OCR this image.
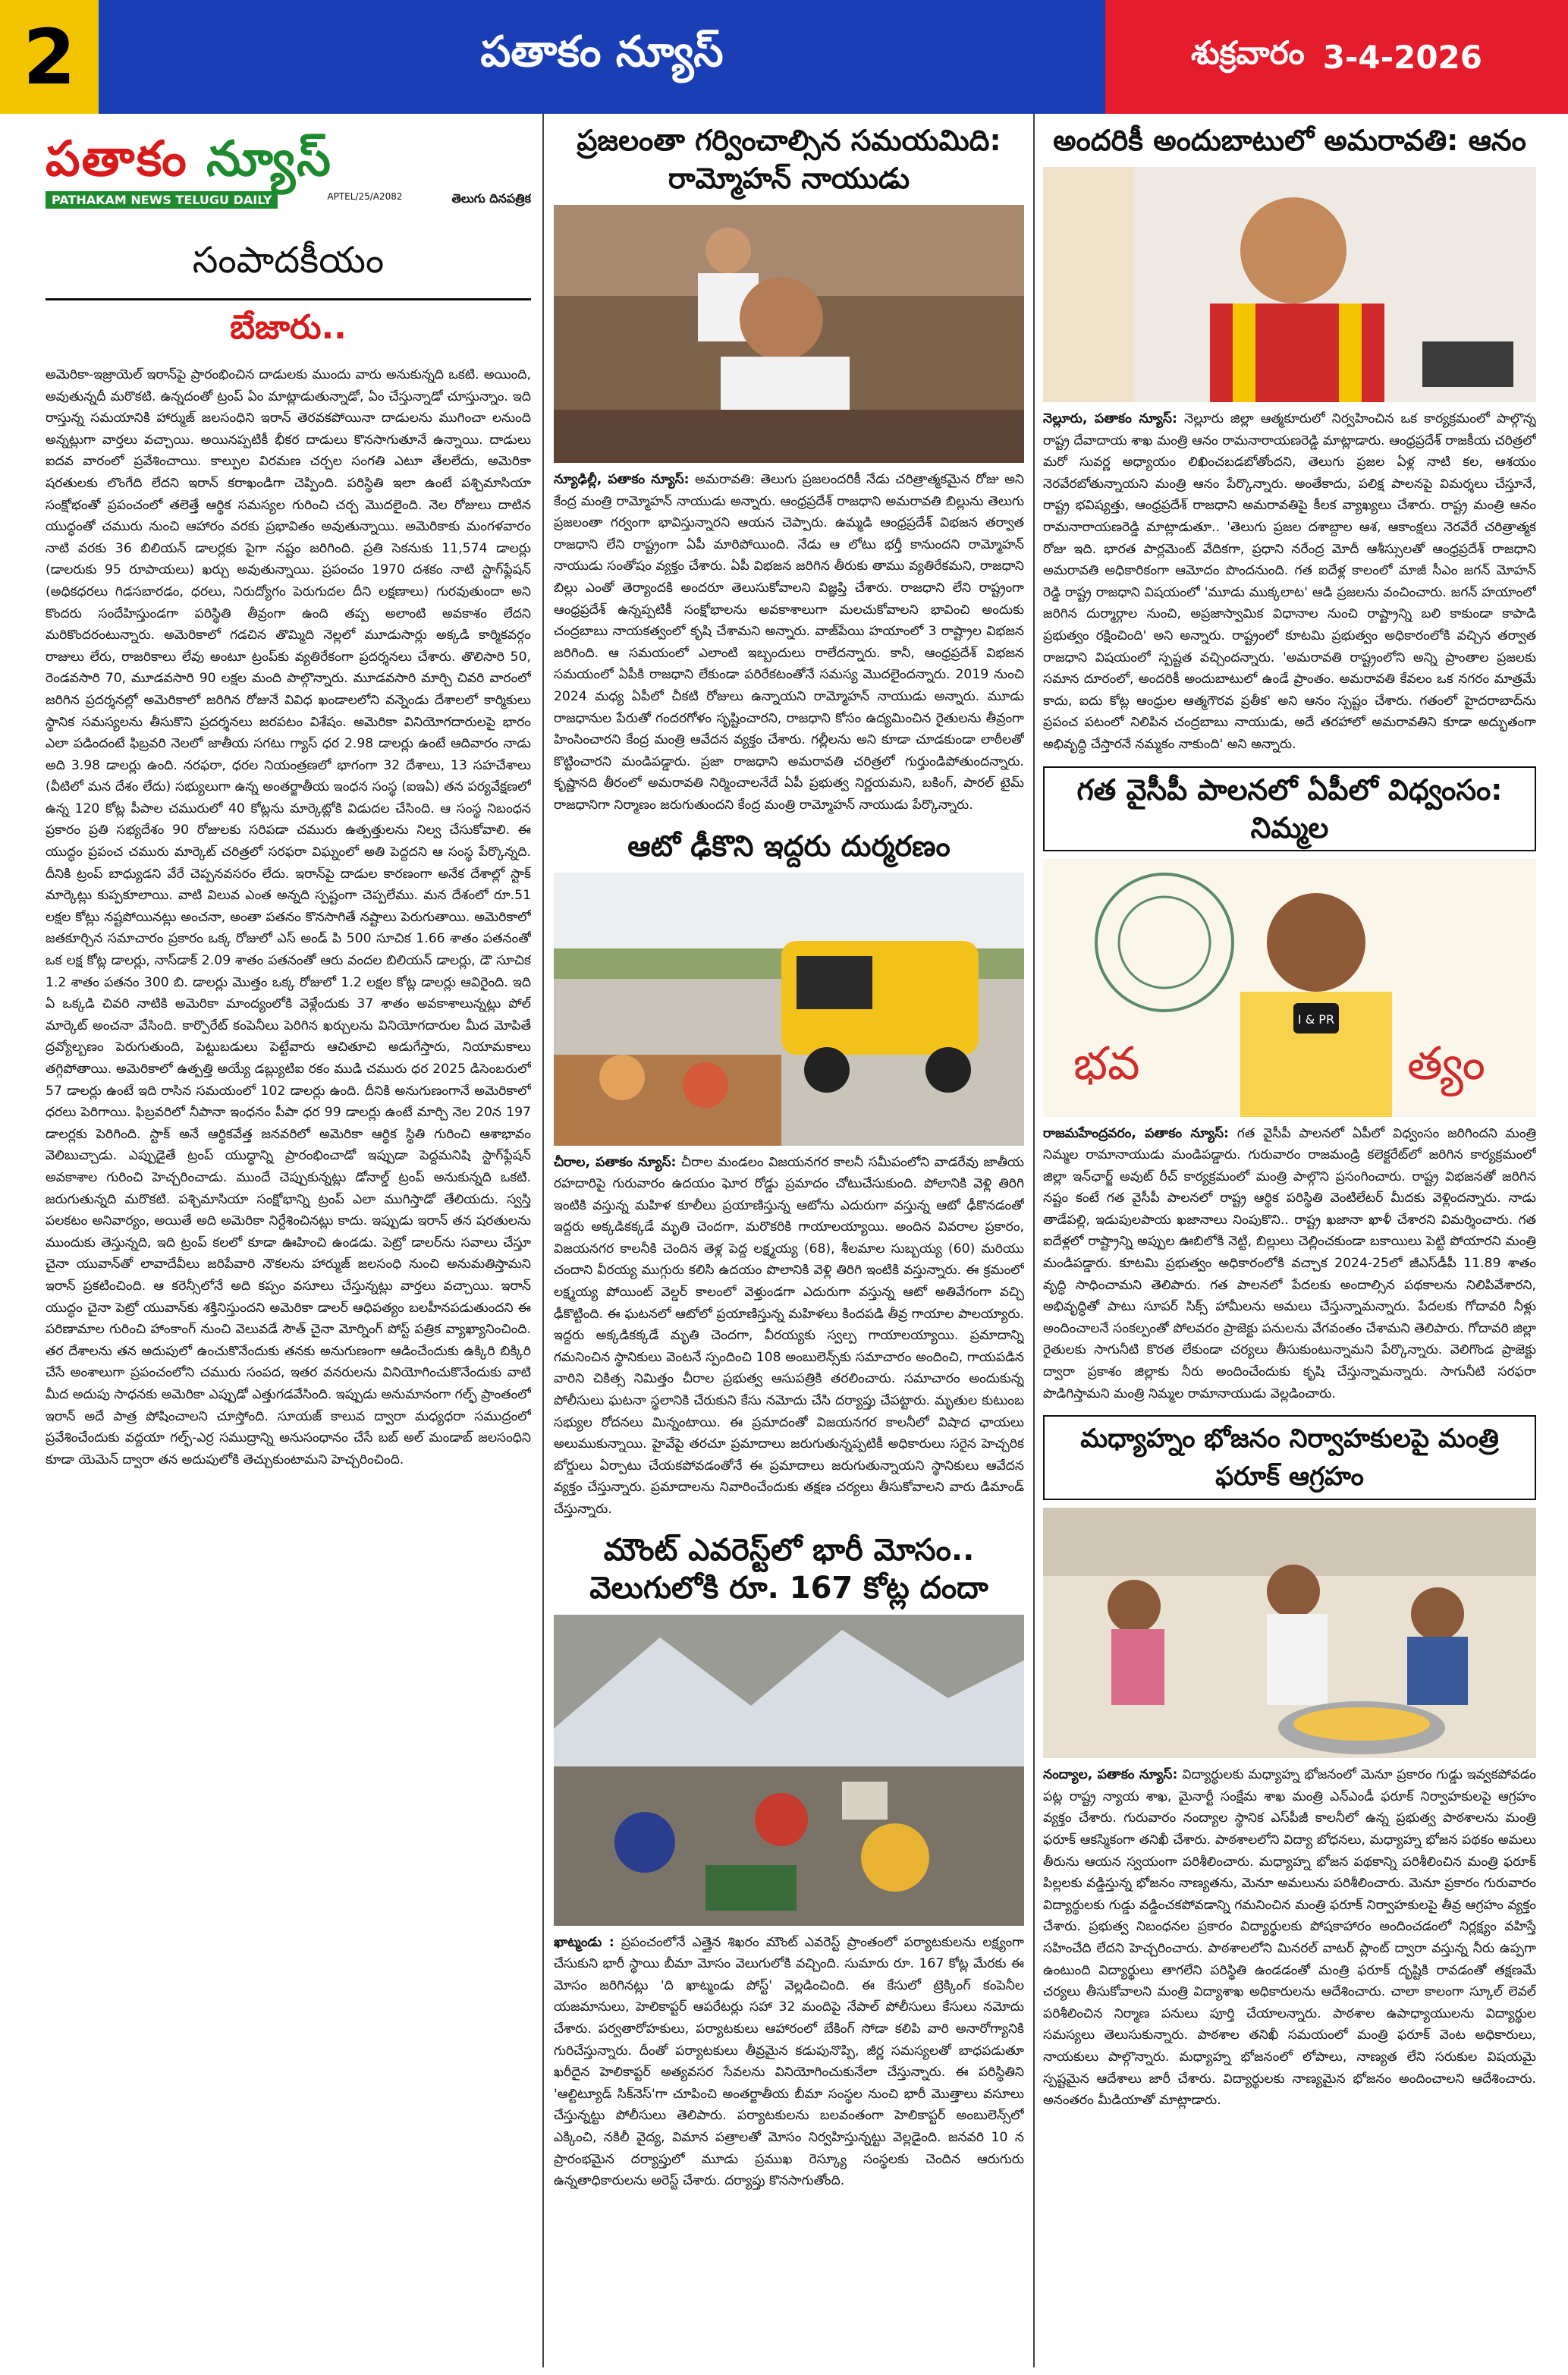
2	పతాకం న్యూస్	శుక్రవారం 3-4-2026
పతాకం న్యూస్
PATHAKAM NEWS TELUGU DAILY	APTEL/25/A2082	తెలుగు దినపత్రిక
సంపాదకీయం
బేజారు..
అమెరికా-ఇజ్రాయెల్ ఇరాన్‌పై ప్రారంభించిన దాడులకు ముందు వారు అనుకున్నది ఒకటి. అయింది, అవుతున్నదీ మరొకటి. ఉన్నదంతో ట్రంప్ ఏం మాట్లాడుతున్నాడో, ఏం చేస్తున్నాడో చూస్తున్నాం. ఇది రాస్తున్న సమయానికి హార్ముజ్ జలసంధిని ఇరాన్ తెరవకపోయినా దాడులను ముగించా లనుంది అన్నట్లుగా వార్తలు వచ్చాయి. అయినప్పటికీ భీకర దాడులు కొనసాగుతూనే ఉన్నాయి. దాడులు ఐదవ వారంలో ప్రవేశించాయి. కాల్పుల విరమణ చర్చల సంగతి ఎటూ తేలలేదు, అమెరికా షరతులకు లొంగేది లేదని ఇరాన్ కరాఖండిగా చెప్పింది. పరిస్థితి ఇలా ఉంటే పశ్చిమాసియా సంక్షోభంతో ప్రపంచంలో తలెత్తే ఆర్థిక సమస్యల గురించి చర్చ మొదలైంది. నెల రోజులు దాటిన యుద్ధంతో చమురు నుంచి ఆహారం వరకు ప్రభావితం అవుతున్నాయి. అమెరికాకు మంగళవారం నాటి వరకు 36 బిలియన్ డాలర్లకు పైగా నష్టం జరిగింది. ప్రతి సెకనుకు 11,574 డాలర్లు (డాలరుకు 95 రూపాయలు) ఖర్చు అవుతున్నాయి. ప్రపంచం 1970 దశకం నాటి స్టాగ్‌ఫ్లేషన్ (అధికధరలు గిడసబారడం, ధరలు, నిరుద్యోగం పెరుగుదల దీని లక్షణాలు) గురవుతుందా అని కొందరు సందేహిస్తుండగా పరిస్థితి తీవ్రంగా ఉంది తప్ప అలాంటి అవకాశం లేదని మరికొందరంటున్నారు. అమెరికాలో గడచిన తొమ్మిది నెల్లలో మూడుసార్లు అక్కడి కార్మికవర్గం రాజులు లేరు, రాజరికాలు లేవు అంటూ ట్రంప్‌కు వ్యతిరేకంగా ప్రదర్శనలు చేశారు. తొలిసారి 50, రెండవసారి 70, మూడవసారి 90 లక్షల మంది పాల్గొన్నారు. మూడవసారి మార్చి చివరి వారంలో జరిగిన ప్రదర్శనల్లో అమెరికాలో జరిగిన రోజునే వివిధ ఖండాలలోని వన్నెండు దేశాలలో కార్మికులు స్థానిక సమస్యలను తీసుకొని ప్రదర్శనలు జరపటం విశేషం. అమెరికా వినియోగదారులపై భారం ఎలా పడిందంటే ఫిబ్రవరి నెలలో జాతీయ సగటు గ్యాస్ ధర 2.98 డాలర్లు ఉంటే ఆదివారం నాడు అది 3.98 డాలర్లు ఉంది. నరఫరా, ధరల నియంత్రణలో భాగంగా 32 దేశాలు, 13 సహచేశాలు (వీటిలో మన దేశం లేదు) సభ్యులుగా ఉన్న అంతర్జాతీయ ఇంధన సంస్థ (ఐఇఏ) తన పర్యవేక్షణలో ఉన్న 120 కోట్ల పీపాల చమురులో 40 కోట్లను మార్కెట్లోకి విడుదల చేసింది. ఆ సంస్థ నిబంధన ప్రకారం ప్రతి సభ్యదేశం 90 రోజులకు సరిపడా చమురు ఉత్పత్తులను నిల్వ చేసుకోవాలి. ఈ యుద్ధం ప్రపంచ చమురు మార్కెట్ చరిత్రలో సరఫరా విఘ్నంలో అతి పెద్దదని ఆ సంస్థ పేర్కొన్నది. దీనికి ట్రంప్ బాధ్యుడని వేరే చెప్పనవసరం లేదు. ఇరాన్‌పై దాడుల కారణంగా అనేక దేశాల్లో స్టాక్ మార్కెట్లు కుప్పకూలాయి. వాటి విలువ ఎంత అన్నది స్పష్టంగా చెప్పలేము. మన దేశంలో రూ.51 లక్షల కోట్లు నష్టపోయినట్లు అంచనా, అంతా పతనం కొనసాగితే నష్టాలు పెరుగుతాయి. అమెరికాలో జతకూర్చిన సమాచారం ప్రకారం ఒక్క రోజులో ఎస్ అండ్ పి 500 సూచిక 1.66 శాతం పతనంతో ఒక లక్ష కోట్ల డాలర్లు, నాస్‌డాక్ 2.09 శాతం పతనంతో ఆరు వందల బిలియన్ డాలర్లు, డౌ సూచిక 1.2 శాతం పతనం 300 బి. డాలర్లు మొత్తం ఒక్క రోజులో 1.2 లక్షల కోట్ల డాలర్లు ఆవిరైంది. ఇది ఏ ఒక్కడి చివరి నాటికి అమెరికా మాంద్యంలోకి వెళ్లేందుకు 37 శాతం అవకాశాలున్నట్లు పోల్ మార్కెట్ అంచనా వేసింది. కార్పొరేట్ కంపెనీలు పెరిగిన ఖర్చులను వినియోగదారుల మీద మోపితే ద్రవ్యోల్బణం పెరుగుతుంది, పెట్టుబడులు పెట్టేవారు ఆచితూచి అడుగేస్తారు, నియామకాలు తగ్గిపోతాయి. అమెరికాలో ఉత్పత్తి అయ్యే డబ్ల్యుటిఐ రకం ముడి చమురు ధర 2025 డిసెంబరులో 57 డాలర్లు ఉంటే ఇది రాసిన సమయంలో 102 డాలర్లు ఉంది. దీనికి అనుగుణంగానే అమెరికాలో ధరలు పెరిగాయి. ఫిబ్రవరిలో నీపానా ఇంధనం పీపా ధర 99 డాలర్లు ఉంటే మార్చి నెల 20న 197 డాలర్లకు పెరిగింది. స్టాక్ అనే ఆర్థికవేత్త జనవరిలో అమెరికా ఆర్థిక స్థితి గురించి ఆశాభావం వెలిబుచ్చాడు. ఎప్పుడైతే ట్రంప్ యుద్ధాన్ని ప్రారంభించాడో ఇప్పుడా పెద్దమనిషి స్టాగ్‌ఫ్లేషన్ అవకాశాల గురించి హెచ్చరించాడు. ముందే చెప్పుకున్నట్లు డోనాల్డ్ ట్రంప్ అనుకున్నది ఒకటి. జరుగుతున్నది మరొకటి. పశ్చిమాసియా సంక్షోభాన్ని ట్రంప్ ఎలా ముగిస్తాడో తేలియదు. స్వస్తి పలకటం అనివార్యం, అయితే అది అమెరికా నిర్దేశించినట్లు కాదు. ఇప్పుడు ఇరాన్ తన షరతులను ముందుకు తెస్తున్నది, ఇది ట్రంప్ కలలో కూడా ఊహించి ఉండడు. పెట్రో డాలర్‌ను సవాలు చేస్తూ చైనా యువాన్‌తో లావాదేవీలు జరిపేవారి నౌకలను హార్ముజ్ జలసంధి నుంచి అనుమతిస్తామని ఇరాన్ ప్రకటించింది. ఆ కరెన్సీలోనే అది కప్పం వసూలు చేస్తున్నట్లు వార్తలు వచ్చాయి. ఇరాన్ యుద్ధం చైనా పెట్రో యువాన్‌కు శక్తినిస్తుందని అమెరికా డాలర్ ఆధిపత్యం బలహీనపడుతుందని ఈ పరిణామాల గురించి హాంకాంగ్ నుంచి వెలువడే సౌత్ చైనా మోర్నింగ్ పోస్ట్ పత్రిక వ్యాఖ్యానించింది. తర దేశాలను తన అదుపులో ఉంచుకొనేందుకు తనకు అనుగుణంగా ఆడించేందుకు ఉక్కిరి బిక్కిరి చేసే అంశాలుగా ప్రపంచంలోని చమురు సంపద, ఇతర వనరులను వినియోగించుకొనేందుకు వాటి మీద అదుపు సాధనకు అమెరికా ఎప్పుడో ఎత్తుగడవేసింది. ఇప్పుడు అనుమానంగా గల్ఫ్ ప్రాంతంలో ఇరాన్ అదే పాత్ర పోషించాలని చూస్తోంది. సూయజ్ కాలువ ద్వారా మధ్యధరా సముద్రంలో ప్రవేశించేందుకు వద్దయా గల్ఫ్-ఎర్ర సముద్రాన్ని అనుసంధానం చేసే బబ్ అల్ మండాబ్ జలసంధిని కూడా యెమెన్ ద్వారా తన అదుపులోకి తెచ్చుకుంటామని హెచ్చరించింది.
ప్రజలంతా గర్వించాల్సిన సమయమిది: రామ్మోహన్ నాయుడు
న్యూఢిల్లీ, పతాకం న్యూస్: అమరావతి: తెలుగు ప్రజలందరికీ నేడు చరిత్రాత్మకమైన రోజు అని కేంద్ర మంత్రి రామ్మోహన్ నాయుడు అన్నారు. ఆంధ్రప్రదేశ్ రాజధాని అమరావతి బిల్లును తెలుగు ప్రజలంతా గర్వంగా భావిస్తున్నారని ఆయన చెప్పారు. ఉమ్మడి ఆంధ్రప్రదేశ్ విభజన తర్వాత రాజధాని లేని రాష్ట్రంగా ఏపీ మారిపోయింది. నేడు ఆ లోటు భర్తీ కానుందని రామ్మోహన్ నాయుడు సంతోషం వ్యక్తం చేశారు. ఏపీ విభజన జరిగిన తీరుకు తాము వ్యతిరేకమని, రాజధాని బిల్లు ఎంతో తెర్యాందకి అందరూ తెలుసుకోవాలని విజ్ఞప్తి చేశారు. రాజధాని లేని రాష్ట్రంగా ఆంధ్రప్రదేశ్ ఉన్నప్పటికీ సంక్షోభాలను అవకాశాలుగా మలచుకోవాలని భావించి అందుకు చంద్రబాబు నాయకత్వంలో కృషి చేశామని అన్నారు. వాజ్‌పేయి హయాంలో 3 రాష్ట్రాల విభజన జరిగింది. ఆ సమయంలో ఎలాంటి ఇబ్బందులు రాలేదన్నారు. కానీ, ఆంధ్రప్రదేశ్ విభజన సమయంలో ఏపీకి రాజధాని లేకుండా పరిరేకటంతోనే సమస్య మొదలైందన్నారు. 2019 నుంచి 2024 మధ్య ఏపీలో చీకటి రోజులు ఉన్నాయని రామ్మోహన్ నాయుడు అన్నారు. మూడు రాజధానుల పేరుతో గందరగోళం సృష్టించారని, రాజధాని కోసం ఉద్యమించిన రైతులను తీవ్రంగా హింసించారని కేంద్ర మంత్రి ఆవేదన వ్యక్తం చేశారు. గల్లీలను అని కూడా చూడకుండా లాఠీలతో కొట్టించారని మండిపడ్డారు. ప్రజా రాజధాని అమరావతి చరిత్రలో గుర్తుండిపోతుందన్నారు. కృష్ణానది తీరంలో అమరావతి నిర్మించాలనేదే ఏపీ ప్రభుత్వ నిర్ణయమని, బకింగ్, పారల్ టైమ్ రాజధానిగా నిర్మాణం జరుగుతుందని కేంద్ర మంత్రి రామ్మోహన్ నాయుడు పేర్కొన్నారు.
ఆటో ఢీకొని ఇద్దరు దుర్మరణం
చీరాల, పతాకం న్యూస్: చీరాల మండలం విజయనగర కాలనీ సమీపంలోని వాడరేవు జాతీయ రహదారిపై గురువారం ఉదయం ఘోర రోడ్డు ప్రమాదం చోటుచేసుకుంది. పోలానికి వెళ్లి తిరిగి ఇంటికి వస్తున్న మహిళ కూలీలు ప్రయాణిస్తున్న ఆటోను ఎదురుగా వస్తున్న ఆటో ఢీకొనడంతో ఇద్దరు అక్కడికక్కడే మృతి చెందగా, మరొకరికి గాయాలయ్యాయి. అందిన వివరాల ప్రకారం, విజయనగర కాలనీకి చెందిన తెళ్ల పెద్ద లక్ష్మయ్య (68), శీలమాల సుబ్బయ్య (60) మరియు చందాని వీరయ్య ముగ్గురు కలిసి ఉదయం పొలానికి వెళ్లి తిరిగి ఇంటికి వస్తున్నారు. ఈ క్రమంలో లక్ష్మయ్య పోయింట్ వెల్డర్ కాలంలో వెళ్తుండగా ఎదురుగా వస్తున్న ఆటో అతివేగంగా వచ్చి ఢీకొట్టింది. ఈ ఘటనలో ఆటోలో ప్రయాణిస్తున్న మహిళలు కిందపడి తీవ్ర గాయాల పాలయ్యారు. ఇద్దరు అక్కడికక్కడే మృతి చెందగా, వీరయ్యకు స్వల్ప గాయాలయ్యాయి. ప్రమాదాన్ని గమనించిన స్థానికులు వెంటనే స్పందించి 108 అంబులెన్స్‌కు సమాచారం అందించి, గాయపడిన వారిని చికిత్స నిమిత్తం చీరాల ప్రభుత్వ ఆసుపత్రికి తరలించారు. సమాచారం అందుకున్న పోలీసులు ఘటనా స్థలానికి చేరుకుని కేసు నమోదు చేసి దర్యాప్తు చేపట్టారు. మృతుల కుటుంబ సభ్యుల రోదనలు మిన్నంటాయి. ఈ ప్రమాదంతో విజయనగర కాలనీలో విషాద ఛాయలు అలుముకున్నాయి. హైవేపై తరచూ ప్రమాదాలు జరుగుతున్నప్పటికీ అధికారులు సరైన హెచ్చరిక బోర్డులు ఏర్పాటు చేయకపోవడంతోనే ఈ ప్రమాదాలు జరుగుతున్నాయని స్థానికులు ఆవేదన వ్యక్తం చేస్తున్నారు. ప్రమాదాలను నివారించేందుకు తక్షణ చర్యలు తీసుకోవాలని వారు డిమాండ్ చేస్తున్నారు.
మౌంట్ ఎవరెస్ట్‌లో భారీ మోసం..
వెలుగులోకి రూ. 167 కోట్ల దందా
ఖాట్మండు : ప్రపంచంలోనే ఎత్తైన శిఖరం మౌంట్ ఎవరెస్ట్ ప్రాంతంలో పర్యాటకులను లక్ష్యంగా చేసుకుని భారీ స్థాయి బీమా మోసం వెలుగులోకి వచ్చింది. సుమారు రూ. 167 కోట్ల మేరకు ఈ మోసం జరిగినట్లు 'ది ఖాట్మండు పోస్ట్' వెల్లడించింది. ఈ కేసులో ట్రెక్కింగ్ కంపెనీల యజమానులు, హెలికాప్టర్ ఆపరేటర్లు సహా 32 మందిపై నేపాల్ పోలీసులు కేసులు నమోదు చేశారు. పర్వతారోహకులు, పర్యాటకులు ఆహారంలో బేకింగ్ సోడా కలిపి వారి అనారోగ్యానికి గురిచేస్తున్నారు. దీంతో పర్యాటకులు తీవ్రమైన కడుపునొప్పి, జీర్ణ సమస్యలతో బాధపడుతూ ఖరీదైన హెలికాప్టర్ అత్యవసర సేవలను వినియోగించుకునేలా చేస్తున్నారు. ఈ పరిస్థితిని 'ఆల్టిట్యూడ్ సిక్‌నెస్'గా చూపించి అంతర్జాతీయ బీమా సంస్థల నుంచి భారీ మొత్తాలు వసూలు చేస్తున్నట్టు పోలీసులు తెలిపారు. పర్యాటకులను బలవంతంగా హెలికాప్టర్ అంబులెన్స్‌లో ఎక్కించి, నకిలీ వైద్య, విమాన పత్రాలతో మోసం నిర్వహిస్తున్నట్టు వెల్లడైంది. జనవరి 10 న ప్రారంభమైన దర్యాప్తులో మూడు ప్రముఖ రెస్క్యూ సంస్థలకు చెందిన ఆరుగురు ఉన్నతాధికారులను అరెస్ట్ చేశారు. దర్యాప్తు కొనసాగుతోంది.
అందరికీ అందుబాటులో అమరావతి: ఆనం
నెల్లూరు, పతాకం న్యూస్: నెల్లూరు జిల్లా ఆత్మకూరులో నిర్వహించిన ఒక కార్యక్రమంలో పాల్గొన్న రాష్ట్ర దేవాదాయ శాఖ మంత్రి ఆనం రామనారాయణరెడ్డి మాట్లాడారు. ఆంధ్రప్రదేశ్ రాజకీయ చరిత్రలో మరో సువర్ణ అధ్యాయం లిఖించబడబోతోందని, తెలుగు ప్రజల ఏళ్ల నాటి కల, ఆశయం నెరవేరబోతున్నాయని మంత్రి ఆనం పేర్కొన్నారు. అంతేకాదు, పలిక్ష పాలనపై విమర్శలు చేస్తూనే, రాష్ట్ర భవిష్యత్తు, ఆంధ్రప్రదేశ్ రాజధాని అమరావతిపై కీలక వ్యాఖ్యలు చేశారు. రాష్ట్ర మంత్రి ఆనం రామనారాయణరెడ్డి మాట్లాడుతూ.. 'తెలుగు ప్రజల దశాబ్దాల ఆశ, ఆకాంక్షలు నెరవేరే చరిత్రాత్మక రోజు ఇది. భారత పార్లమెంట్ వేదికగా, ప్రధాని నరేంద్ర మోదీ ఆశీస్సులతో ఆంధ్రప్రదేశ్ రాజధాని అమరావతి అధికారికంగా ఆమోదం పొందనుంది. గత ఐదేళ్ల కాలంలో మాజీ సీఎం జగన్ మోహన్ రెడ్డి రాష్ట్ర రాజధాని విషయంలో 'మూడు ముక్కలాట' ఆడి ప్రజలను వంచించారు. జగన్ హయాంలో జరిగిన దుర్మార్గాల నుంచి, అప్రజాస్వామిక విధానాల నుంచి రాష్ట్రాన్ని బలి కాకుండా కాపాడి ప్రభుత్వం రక్షించింది' అని అన్నారు. రాష్ట్రంలో కూటమి ప్రభుత్వం అధికారంలోకి వచ్చిన తర్వాత రాజధాని విషయంలో స్పష్టత వచ్చిందన్నారు. 'అమరావతి రాష్ట్రంలోని అన్ని ప్రాంతాల ప్రజలకు సమాన దూరంలో, అందరికీ అందుబాటులో ఉండే ప్రాంతం. అమరావతి కేవలం ఒక నగరం మాత్రమే కాదు, ఐదు కోట్ల ఆంధ్రుల ఆత్మగౌరవ ప్రతీక' అని ఆనం స్పష్టం చేశారు. గతంలో హైదరాబాద్‌ను ప్రపంచ పటంలో నిలిపిన చంద్రబాబు నాయుడు, అదే తరహాలో అమరావతిని కూడా అద్భుతంగా అభివృద్ధి చేస్తారనే నమ్మకం నాకుంది' అని అన్నారు.
గత వైసీపీ పాలనలో ఏపీలో విధ్వంసం: నిమ్మల
I & PR
భవ	త్యం
రాజమహేంద్రవరం, పతాకం న్యూస్: గత వైసీపీ పాలనలో ఏపీలో విధ్వంసం జరిగిందని మంత్రి నిమ్మల రామానాయుడు మండిపడ్డారు. గురువారం రాజమండ్రి కలెక్టరేట్‌లో జరిగిన కార్యక్రమంలో జిల్లా ఇన్‌ఛార్జ్ అవుట్ రీచ్ కార్యక్రమంలో మంత్రి పాల్గొని ప్రసంగించారు. రాష్ట్ర విభజనతో జరిగిన నష్టం కంటే గత వైసీపీ పాలనలో రాష్ట్ర ఆర్థిక పరిస్థితి వెంటిలేటర్ మీదకు వెళ్లిందన్నారు. నాడు తాడేపల్లి, ఇడుపులపాయ ఖజానాలు నింపుకొని.. రాష్ట్ర ఖజానా ఖాళీ చేశారని విమర్శించారు. గత ఐదేళ్లలో రాష్ట్రాన్ని అప్పుల ఊబిలోకి నెట్టి, బిల్లులు చెల్లించకుండా బకాయిలు పెట్టి పోయారని మంత్రి మండిపడ్డారు. కూటమి ప్రభుత్వం అధికారంలోకి వచ్చాక 2024-25లో జీఎస్‌డీపీ 11.89 శాతం వృద్ధి సాధించామని తెలిపారు. గత పాలనలో పేదలకు అందాల్సిన పథకాలను నిలిపివేశారని, అభివృద్ధితో పాటు సూపర్ సిక్స్ హామీలను అమలు చేస్తున్నామన్నారు. పేదలకు గోదావరి నీళ్లు అందించాలనే సంకల్పంతో పోలవరం ప్రాజెక్టు పనులను వేగవంతం చేశామని తెలిపారు. గోదావరి జిల్లా రైతులకు సాగునీటి కొరత లేకుండా చర్యలు తీసుకుంటున్నామని పేర్కొన్నారు. వెలిగొండ ప్రాజెక్టు ద్వారా ప్రకాశం జిల్లాకు నీరు అందించేందుకు కృషి చేస్తున్నామన్నారు. సాగునీటి సరఫరా పొడిగిస్తామని మంత్రి నిమ్మల రామానాయుడు వెల్లడించారు.
మధ్యాహ్నం భోజనం నిర్వాహకులపై మంత్రి ఫరూక్ ఆగ్రహం
నంద్యాల, పతాకం న్యూస్: విద్యార్థులకు మధ్యాహ్న భోజనంలో మెనూ ప్రకారం గుడ్డు ఇవ్వకపోవడం పట్ల రాష్ట్ర న్యాయ శాఖ, మైనార్టీ సంక్షేమ శాఖ మంత్రి ఎన్‌ఎండీ ఫరూక్ నిర్వాహకులపై ఆగ్రహం వ్యక్తం చేశారు. గురువారం నంద్యాల స్థానిక ఎస్‌పీజీ కాలనీలో ఉన్న ప్రభుత్వ పాఠశాలను మంత్రి ఫరూక్ ఆకస్మికంగా తనిఖీ చేశారు. పాఠశాలలోని విద్యా బోధనలు, మధ్యాహ్న భోజన పథకం అమలు తీరును ఆయన స్వయంగా పరిశీలించారు. మధ్యాహ్న భోజన పథకాన్ని పరిశీలించిన మంత్రి ఫరూక్ పిల్లలకు వడ్డిస్తున్న భోజనం నాణ్యతను, మెనూ అమలును పరిశీలించారు. మెనూ ప్రకారం గురువారం విద్యార్థులకు గుడ్డు వడ్డించకపోవడాన్ని గమనించిన మంత్రి ఫరూక్ నిర్వాహకులపై తీవ్ర ఆగ్రహం వ్యక్తం చేశారు. ప్రభుత్వ నిబంధనల ప్రకారం విద్యార్థులకు పోషకాహారం అందించడంలో నిర్లక్ష్యం వహిస్తే సహించేది లేదని హెచ్చరించారు. పాఠశాలలోని మినరల్ వాటర్ ప్లాంట్ ద్వారా వస్తున్న నీరు ఉప్పగా ఉంటుంది విద్యార్థులు తాగలేని పరిస్థితి ఉండడంతో మంత్రి ఫరూక్ దృష్టికి రావడంతో తక్షణమే చర్యలు తీసుకోవాలని మంత్రి విద్యాశాఖ అధికారులను ఆదేశించారు. చాలా కాలంగా స్కూల్ లెవల్ పరిశీలించిన నిర్మాణ పనులు పూర్తి చేయాలన్నారు. పాఠశాల ఉపాధ్యాయులను విద్యార్థుల సమస్యలు తెలుసుకున్నారు. పాఠశాల తనిఖీ సమయంలో మంత్రి ఫరూక్ వెంట అధికారులు, నాయకులు పాల్గొన్నారు. మధ్యాహ్న భోజనంలో లోపాలు, నాణ్యత లేని సరుకుల విషయమై స్పష్టమైన ఆదేశాలు జారీ చేశారు. విద్యార్థులకు నాణ్యమైన భోజనం అందించాలని ఆదేశించారు. అనంతరం మీడియాతో మాట్లాడారు.
